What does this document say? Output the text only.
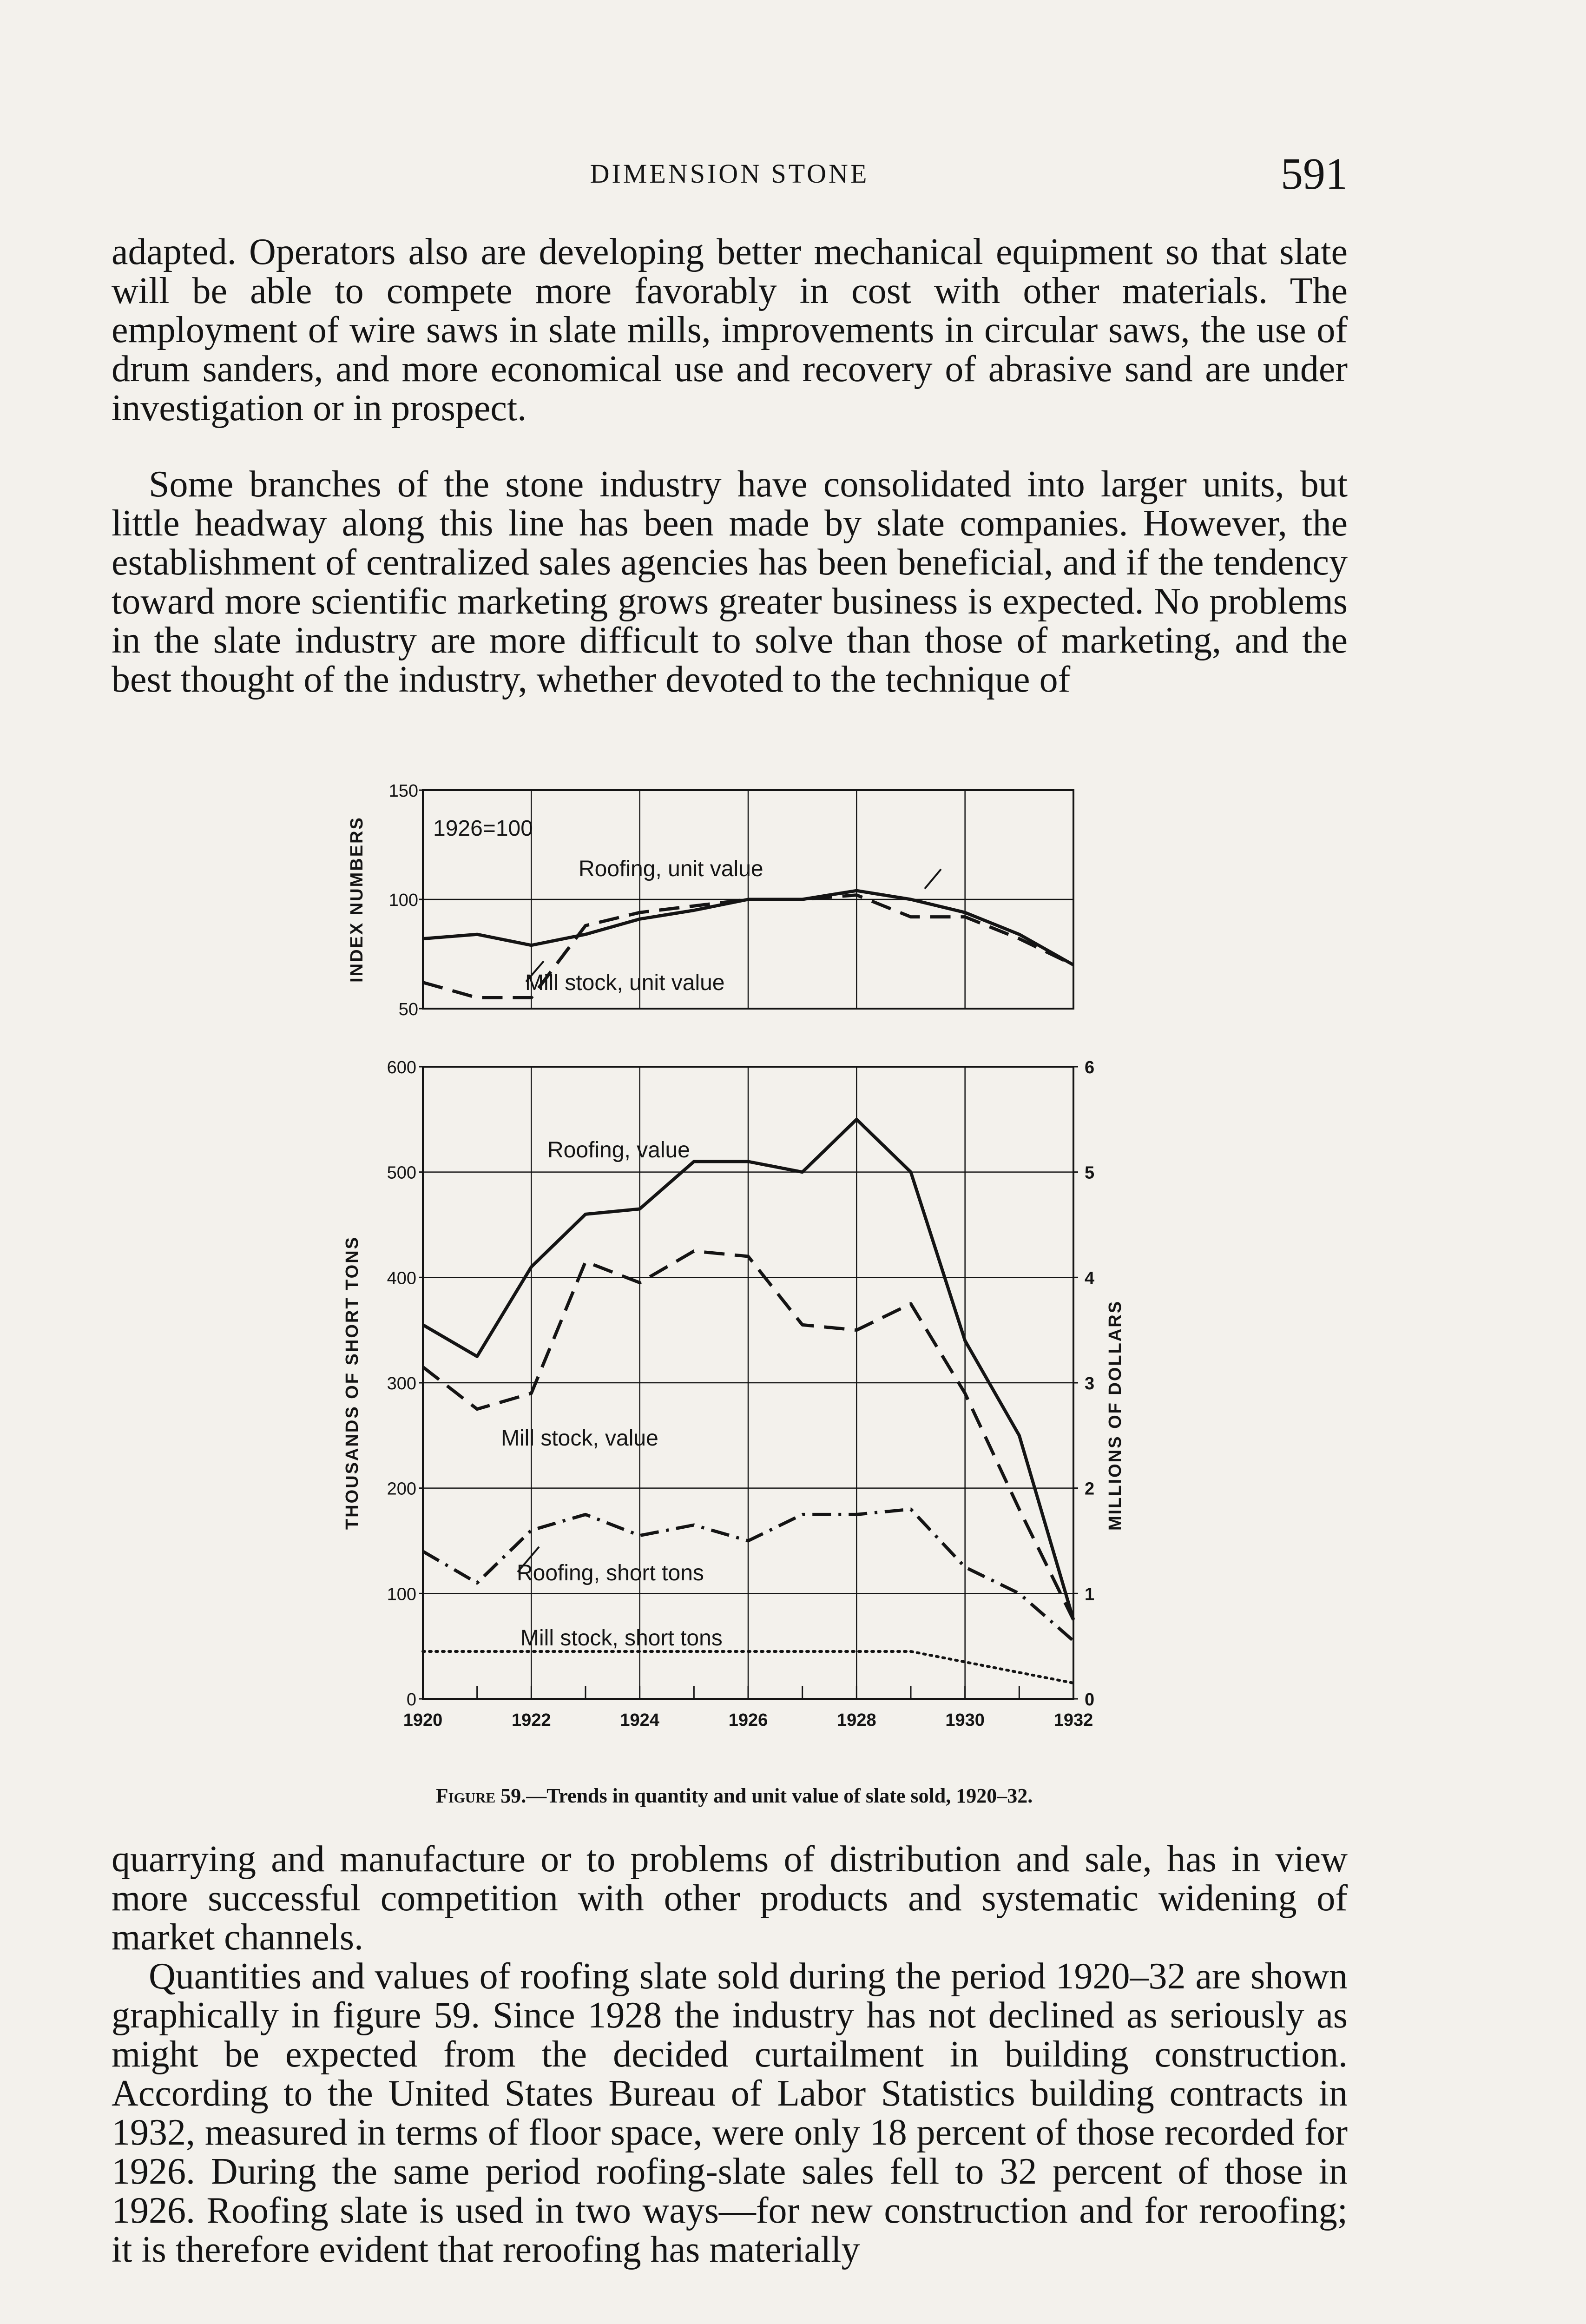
DIMENSION STONE	591

adapted. Operators also are developing better mechanical equipment so that slate will be able to compete more favorably in cost with other materials. The employment of wire saws in slate mills, improvements in circular saws, the use of drum sanders, and more economical use and recovery of abrasive sand are under investigation or in prospect.

Some branches of the stone industry have consolidated into larger units, but little headway along this line has been made by slate companies. However, the establishment of centralized sales agencies has been beneficial, and if the tendency toward more scientific marketing grows greater business is expected. No problems in the slate industry are more difficult to solve than those of marketing, and the best thought of the industry, whether devoted to the technique of

150
100
50
INDEX NUMBERS	1926=100
Roofing, unit value
Mill stock, unit value
600
500
400
300
200
100
0
6
5
4
3
2
1
0
1920	1922	1924	1926	1928	1930	1932
THOUSANDS OF SHORT TONS	MILLIONS OF DOLLARS
Roofing, value
Mill stock, value
Roofing, short tons
Mill stock, short tons

Figure 59.—Trends in quantity and unit value of slate sold, 1920–32.

quarrying and manufacture or to problems of distribution and sale, has in view more successful competition with other products and systematic widening of market channels.

Quantities and values of roofing slate sold during the period 1920–32 are shown graphically in figure 59. Since 1928 the industry has not declined as seriously as might be expected from the decided curtailment in building construction. According to the United States Bureau of Labor Statistics building contracts in 1932, measured in terms of floor space, were only 18 percent of those recorded for 1926. During the same period roofing-slate sales fell to 32 percent of those in 1926. Roofing slate is used in two ways—for new construction and for reroofing; it is therefore evident that reroofing has materially
